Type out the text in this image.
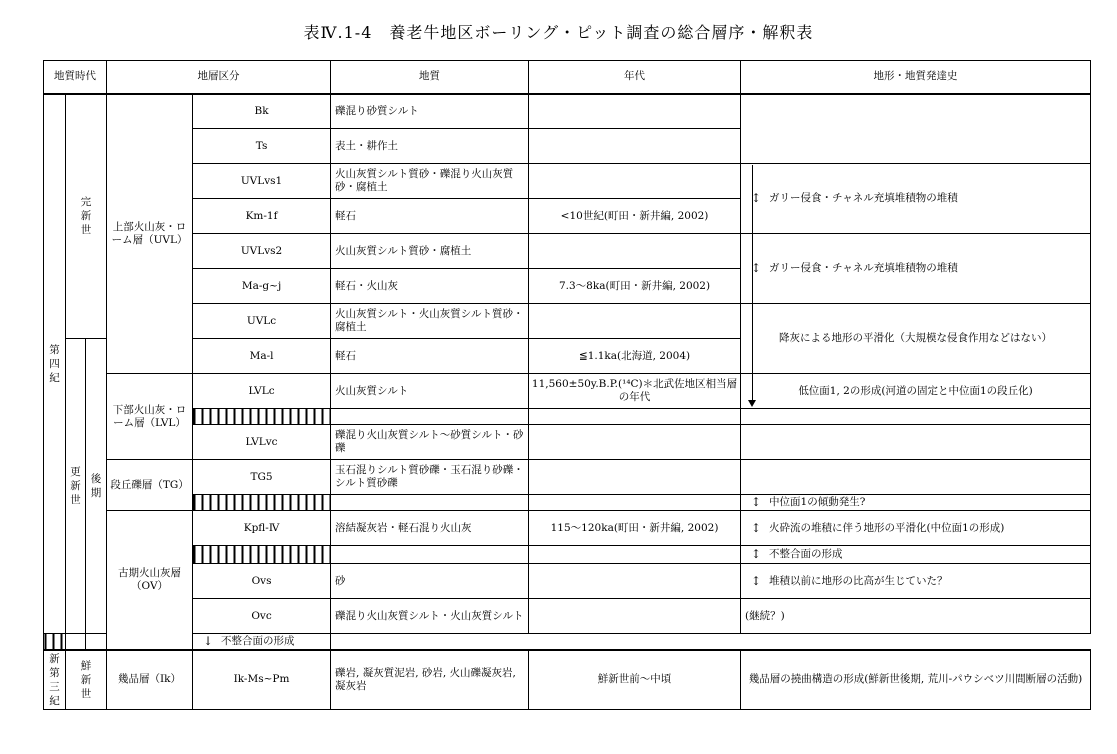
表Ⅳ.1-4　養老牛地区ボーリング・ピット調査の総合層序・解釈表
地質時代			地層区分		地質	年代	地形・地質発達史
第四紀	完新世		上部火山灰・ローム層（UVL）	Bk	礫混り砂質シルト		
				Ts	表土・耕作土		
				UVLvs1	火山灰質シルト質砂・礫混り火山灰質砂・腐植土		↕ ガリー侵食・チャネル充填堆積物の堆積
				Km-1f	軽石	<10世紀(町田・新井編, 2002)	
				UVLvs2	火山灰質シルト質砂・腐植土		↕ ガリー侵食・チャネル充填堆積物の堆積
				Ma-g~j	軽石・火山灰	7.3～8ka(町田・新井編, 2002)	
				UVLc	火山灰質シルト・火山灰質シルト質砂・腐植土		降灰による地形の平滑化（大規模な侵食作用などはない）
	更新世	後期		Ma-l	軽石	≦1.1ka(北海道, 2004)	
			下部火山灰・ローム層（LVL）	LVLc	火山灰質シルト	11,560±50y.B.P.(¹⁴C)＊北武佐地区相当層の年代	低位面1, 2の形成(河道の固定と中位面1の段丘化)

				LVLvc	礫混り火山灰質シルト～砂質シルト・砂礫		
			段丘礫層（TG）	TG5	玉石混りシルト質砂礫・玉石混り砂礫・シルト質砂礫		

							↕ 中位面1の傾動発生?
			古期火山灰層（OV）	Kpfl-Ⅳ	溶結凝灰岩・軽石混り火山灰	115～120ka(町田・新井編, 2002)	↕ 火砕流の堆積に伴う地形の平滑化(中位面1の形成)

							↕ 不整合面の形成
				Ovs	砂		↕ 堆積以前に地形の比高が生じていた？
				Ovc	礫混り火山灰質シルト・火山灰質シルト		(継続？)

				↓ 不整合面の形成			
新第三紀	鮮新世		幾品層（Ik）	Ik-Ms~Pm	礫岩, 凝灰質泥岩, 砂岩, 火山礫凝灰岩, 凝灰岩	鮮新世前～中頃	幾品層の撓曲構造の形成(鮮新世後期, 荒川-パウシベツ川間断層の活動)
